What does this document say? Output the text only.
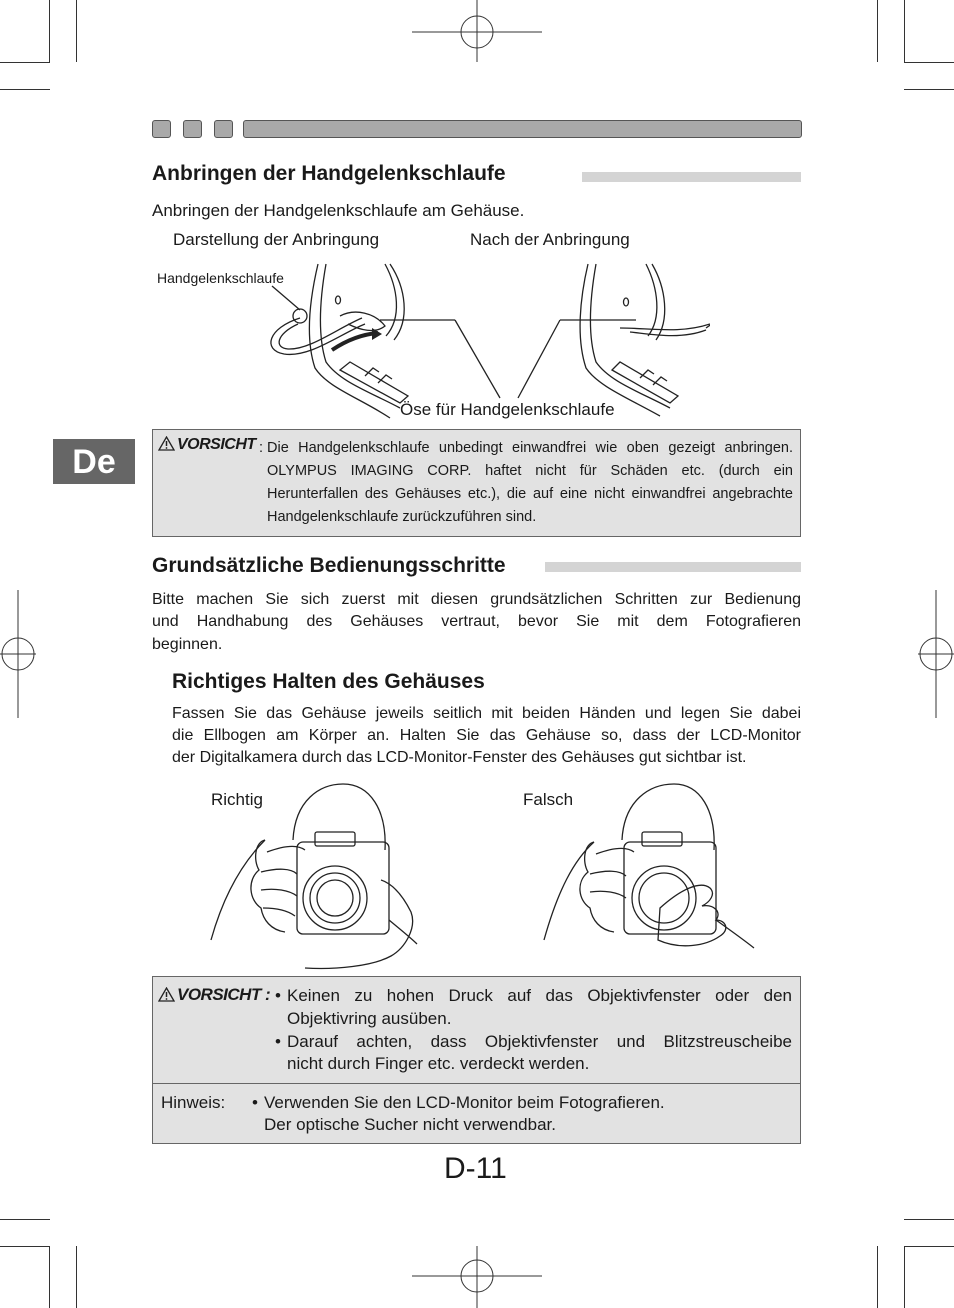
De
Anbringen der Handgelenkschlaufe
Anbringen der Handgelenkschlaufe am Gehäuse.
Darstellung der Anbringung	Nach der Anbringung
Handgelenkschlaufe
Öse für Handgelenkschlaufe
VORSICHT : Die Handgelenkschlaufe unbedingt einwandfrei wie oben gezeigt anbringen.
OLYMPUS IMAGING CORP. haftet nicht für Schäden etc. (durch ein
Herunterfallen des Gehäuses etc.), die auf eine nicht einwandfrei angebrachte
Handgelenkschlaufe zurückzuführen sind.
Grundsätzliche Bedienungsschritte
Bitte machen Sie sich zuerst mit diesen grundsätzlichen Schritten zur Bedienung
und Handhabung des Gehäuses vertraut, bevor Sie mit dem Fotografieren
beginnen.
Richtiges Halten des Gehäuses
Fassen Sie das Gehäuse jeweils seitlich mit beiden Händen und legen Sie dabei
die Ellbogen am Körper an. Halten Sie das Gehäuse so, dass der LCD-Monitor
der Digitalkamera durch das LCD-Monitor-Fenster des Gehäuses gut sichtbar ist.
Richtig	Falsch
VORSICHT : • Keinen zu hohen Druck auf das Objektivfenster oder den
Objektivring ausüben.
• Darauf achten, dass Objektivfenster und Blitzstreuscheibe
nicht durch Finger etc. verdeckt werden.
Hinweis: • Verwenden Sie den LCD-Monitor beim Fotografieren.
Der optische Sucher nicht verwendbar.
D-11
